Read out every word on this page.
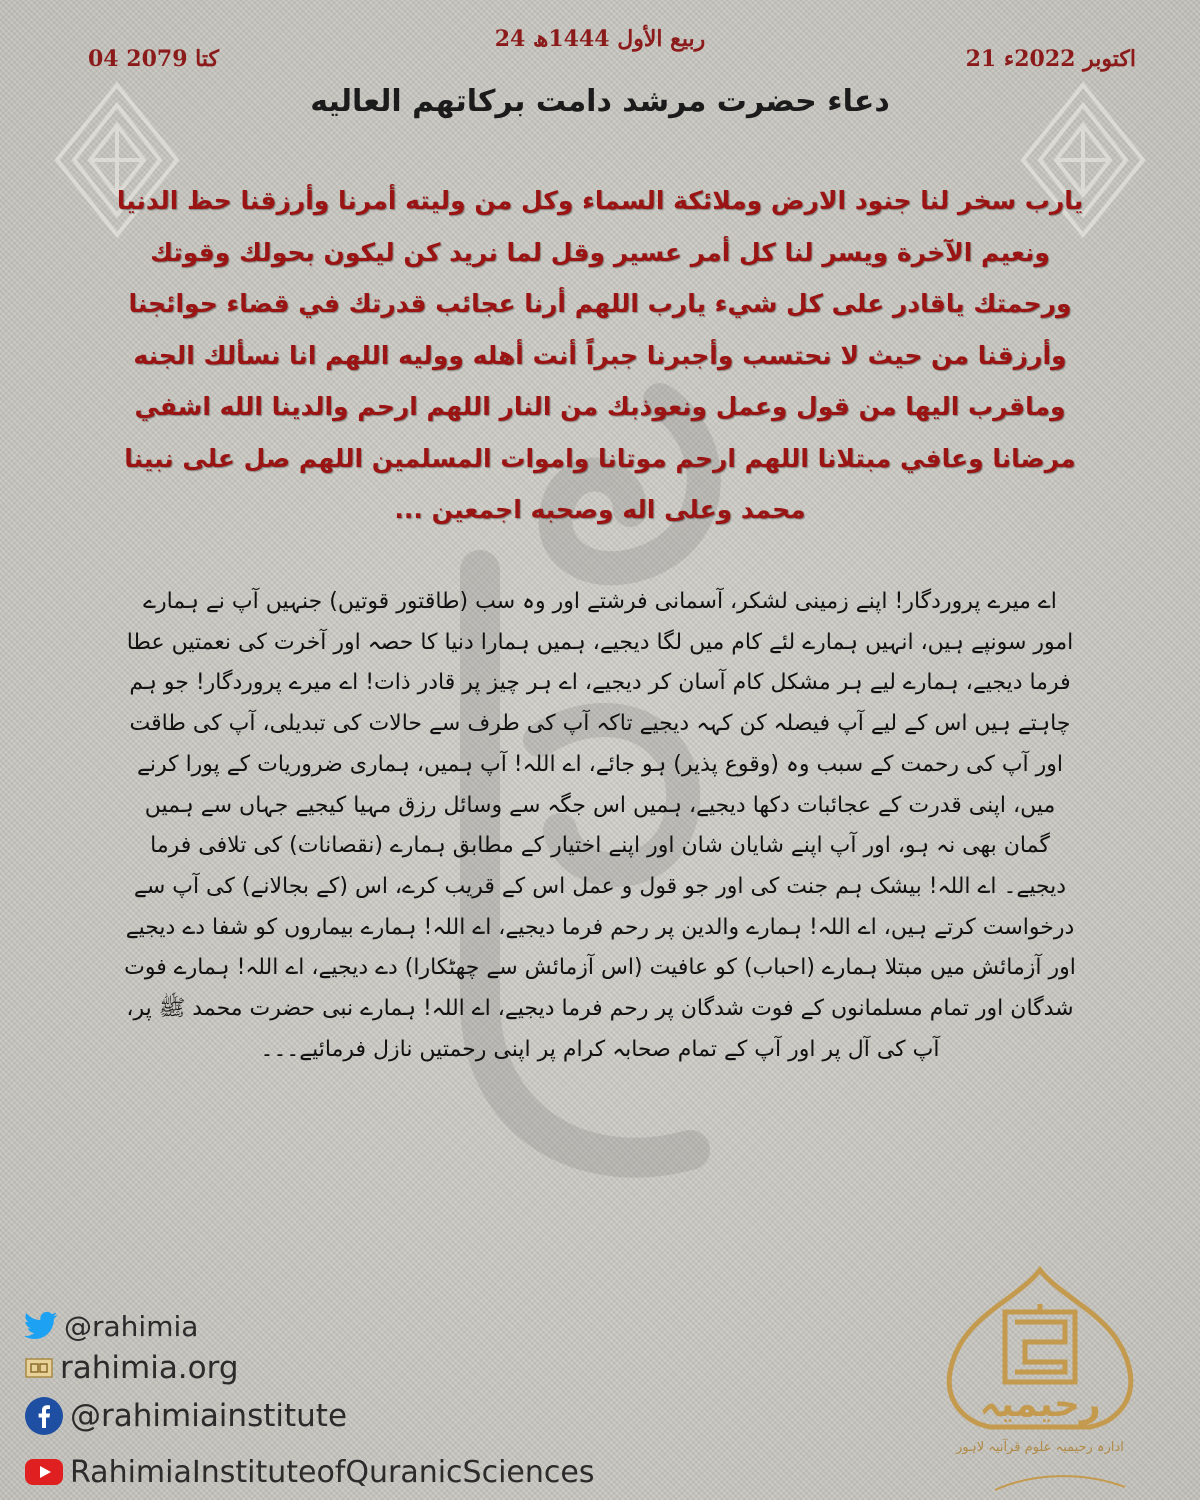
24 ربیع الأول 1444ھ
21 اکتوبر 2022ء
04 کتا 2079
دعاء حضرت مرشد دامت برکاتهم العالیه
يارب سخر لنا جنود الارض وملائكة السماء وكل من وليته أمرنا وأرزقنا حظ الدنيا ونعيم الآخرة ويسر لنا كل أمر عسير وقل لما نريد كن ليكون بحولك وقوتك ورحمتك ياقادر على كل شيء يارب اللهم أرنا عجائب قدرتك في قضاء حوائجنا وأرزقنا من حيث لا نحتسب وأجبرنا جبراً أنت أهله ووليه اللهم انا نسألك الجنه وماقرب اليها من قول وعمل ونعوذبك من النار اللهم ارحم والدينا الله اشفي مرضانا وعافي مبتلانا اللهم ارحم موتانا واموات المسلمين اللهم صل على نبينا محمد وعلى اله وصحبه اجمعين ...
اے میرے پروردگار! اپنے زمینی لشکر، آسمانی فرشتے اور وہ سب (طاقتور قوتیں) جنہیں آپ نے ہمارے امور سونپے ہیں، انہیں ہمارے لئے کام میں لگا دیجیے، ہمیں ہمارا دنیا کا حصہ اور آخرت کی نعمتیں عطا فرما دیجیے، ہمارے لیے ہر مشکل کام آسان کر دیجیے، اے ہر چیز پر قادر ذات! اے میرے پروردگار! جو ہم چاہتے ہیں اس کے لیے آپ فیصلہ کن کہہ دیجیے تاکہ آپ کی طرف سے حالات کی تبدیلی، آپ کی طاقت اور آپ کی رحمت کے سبب وہ (وقوع پذیر) ہو جائے، اے اللہ! آپ ہمیں، ہماری ضروریات کے پورا کرنے میں، اپنی قدرت کے عجائبات دکھا دیجیے، ہمیں اس جگہ سے وسائل رزق مہیا کیجیے جہاں سے ہمیں گمان بھی نہ ہو، اور آپ اپنے شایان شان اور اپنے اختیار کے مطابق ہمارے (نقصانات) کی تلافی فرما دیجیے۔ اے اللہ! بیشک ہم جنت کی اور جو قول و عمل اس کے قریب کرے، اس (کے بجالانے) کی آپ سے درخواست کرتے ہیں، اے اللہ! ہمارے والدین پر رحم فرما دیجیے، اے اللہ! ہمارے بیماروں کو شفا دے دیجیے اور آزمائش میں مبتلا ہمارے (احباب) کو عافیت (اس آزمائش سے چھٹکارا) دے دیجیے، اے اللہ! ہمارے فوت شدگان اور تمام مسلمانوں کے فوت شدگان پر رحم فرما دیجیے، اے اللہ! ہمارے نبی حضرت محمد ﷺ پر، آپ کی آل پر اور آپ کے تمام صحابہ کرام پر اپنی رحمتیں نازل فرمائیے۔۔۔
@rahimia
rahimia.org
@rahimiainstitute
RahimiaInstituteofQuranicSciences
رحیمیہ
ادارہ رحیمیہ علوم قرآنیہ لاہور
